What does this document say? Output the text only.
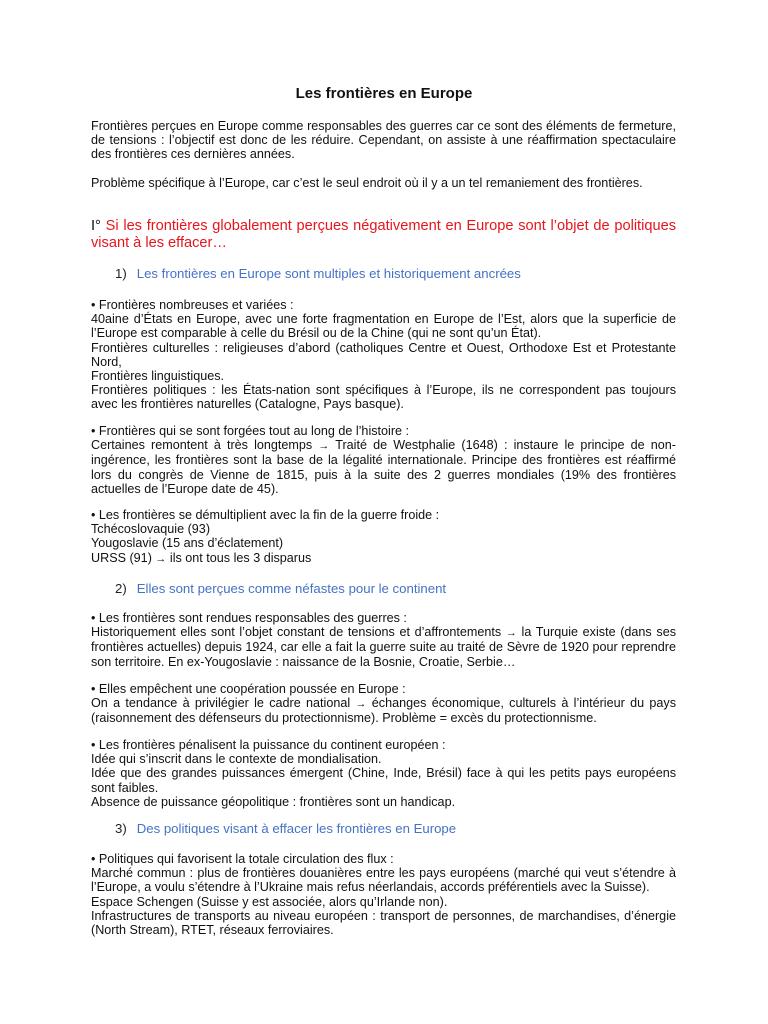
Les frontières en Europe

Frontières perçues en Europe comme responsables des guerres car ce sont des éléments de fermeture, de tensions : l’objectif est donc de les réduire. Cependant, on assiste à une réaffirmation spectaculaire des frontières ces dernières années.

Problème spécifique à l’Europe, car c’est le seul endroit où il y a un tel remaniement des frontières.

I° Si les frontières globalement perçues négativement en Europe sont l’objet de politiques visant à les effacer…

1) Les frontières en Europe sont multiples et historiquement ancrées

• Frontières nombreuses et variées :

40aine d’États en Europe, avec une forte fragmentation en Europe de l’Est, alors que la superficie de l’Europe est comparable à celle du Brésil ou de la Chine (qui ne sont qu’un État).

Frontières culturelles : religieuses d’abord (catholiques Centre et Ouest, Orthodoxe Est et Protestante Nord,

Frontières linguistiques.

Frontières politiques : les États-nation sont spécifiques à l’Europe, ils ne correspondent pas toujours avec les frontières naturelles (Catalogne, Pays basque).

• Frontières qui se sont forgées tout au long de l’histoire :

Certaines remontent à très longtemps → Traité de Westphalie (1648) : instaure le principe de non-ingérence, les frontières sont la base de la légalité internationale. Principe des frontières est réaffirmé lors du congrès de Vienne de 1815, puis à la suite des 2 guerres mondiales (19% des frontières actuelles de l’Europe date de 45).

• Les frontières se démultiplient avec la fin de la guerre froide :

Tchécoslovaquie (93)

Yougoslavie (15 ans d’éclatement)

URSS (91) → ils ont tous les 3 disparus

2) Elles sont perçues comme néfastes pour le continent

• Les frontières sont rendues responsables des guerres :

Historiquement elles sont l’objet constant de tensions et d’affrontements → la Turquie existe (dans ses frontières actuelles) depuis 1924, car elle a fait la guerre suite au traité de Sèvre de 1920 pour reprendre son territoire. En ex-Yougoslavie : naissance de la Bosnie, Croatie, Serbie…

• Elles empêchent une coopération poussée en Europe :

On a tendance à privilégier le cadre national → échanges économique, culturels à l’intérieur du pays (raisonnement des défenseurs du protectionnisme). Problème = excès du protectionnisme.

• Les frontières pénalisent la puissance du continent européen :

Idée qui s’inscrit dans le contexte de mondialisation.

Idée que des grandes puissances émergent (Chine, Inde, Brésil) face à qui les petits pays européens sont faibles.

Absence de puissance géopolitique : frontières sont un handicap.

3) Des politiques visant à effacer les frontières en Europe

• Politiques qui favorisent la totale circulation des flux :

Marché commun : plus de frontières douanières entre les pays européens (marché qui veut s’étendre à l’Europe, a voulu s’étendre à l’Ukraine mais refus néerlandais, accords préférentiels avec la Suisse).

Espace Schengen (Suisse y est associée, alors qu’Irlande non).

Infrastructures de transports au niveau européen : transport de personnes, de marchandises, d’énergie (North Stream), RTET, réseaux ferroviaires.
